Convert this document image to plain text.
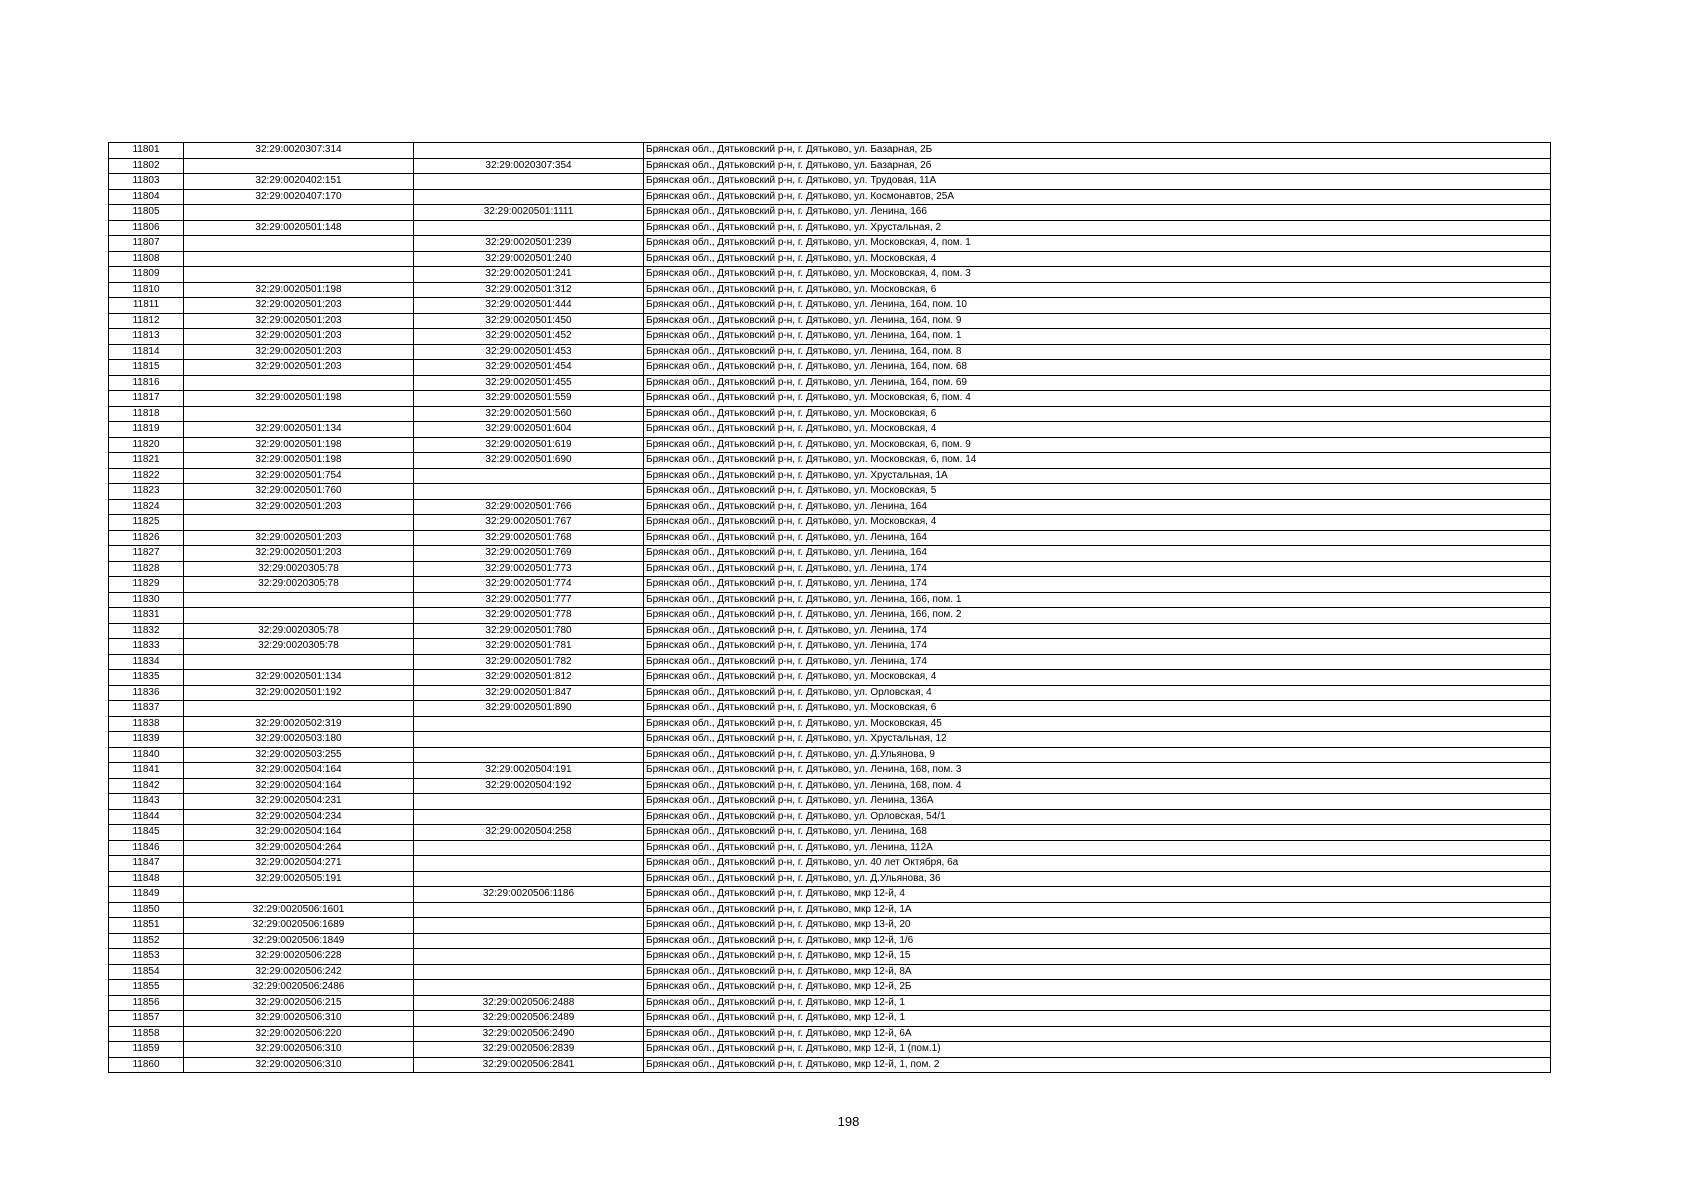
11801	32:29:0020307:314		Брянская обл., Дятьковский р-н, г. Дятьково, ул. Базарная, 2Б
11802		32:29:0020307:354	Брянская обл., Дятьковский р-н, г. Дятьково, ул. Базарная, 2б
11803	32:29:0020402:151		Брянская обл., Дятьковский р-н, г. Дятьково, ул. Трудовая, 11А
11804	32:29:0020407:170		Брянская обл., Дятьковский р-н, г. Дятьково, ул. Космонавтов, 25А
11805		32:29:0020501:1111	Брянская обл., Дятьковский р-н, г. Дятьково, ул. Ленина, 166
11806	32:29:0020501:148		Брянская обл., Дятьковский р-н, г. Дятьково, ул. Хрустальная, 2
11807		32:29:0020501:239	Брянская обл., Дятьковский р-н, г. Дятьково, ул. Московская, 4, пом. 1
11808		32:29:0020501:240	Брянская обл., Дятьковский р-н, г. Дятьково, ул. Московская, 4
11809		32:29:0020501:241	Брянская обл., Дятьковский р-н, г. Дятьково, ул. Московская, 4, пом. 3
11810	32:29:0020501:198	32:29:0020501:312	Брянская обл., Дятьковский р-н, г. Дятьково, ул. Московская, 6
11811	32:29:0020501:203	32:29:0020501:444	Брянская обл., Дятьковский р-н, г. Дятьково, ул. Ленина, 164, пом. 10
11812	32:29:0020501:203	32:29:0020501:450	Брянская обл., Дятьковский р-н, г. Дятьково, ул. Ленина, 164, пом. 9
11813	32:29:0020501:203	32:29:0020501:452	Брянская обл., Дятьковский р-н, г. Дятьково, ул. Ленина, 164, пом. 1
11814	32:29:0020501:203	32:29:0020501:453	Брянская обл., Дятьковский р-н, г. Дятьково, ул. Ленина, 164, пом. 8
11815	32:29:0020501:203	32:29:0020501:454	Брянская обл., Дятьковский р-н, г. Дятьково, ул. Ленина, 164, пом. 68
11816		32:29:0020501:455	Брянская обл., Дятьковский р-н, г. Дятьково, ул. Ленина, 164, пом. 69
11817	32:29:0020501:198	32:29:0020501:559	Брянская обл., Дятьковский р-н, г. Дятьково, ул. Московская, 6, пом. 4
11818		32:29:0020501:560	Брянская обл., Дятьковский р-н, г. Дятьково, ул. Московская, 6
11819	32:29:0020501:134	32:29:0020501:604	Брянская обл., Дятьковский р-н, г. Дятьково, ул. Московская, 4
11820	32:29:0020501:198	32:29:0020501:619	Брянская обл., Дятьковский р-н, г. Дятьково, ул. Московская, 6, пом. 9
11821	32:29:0020501:198	32:29:0020501:690	Брянская обл., Дятьковский р-н, г. Дятьково, ул. Московская, 6, пом. 14
11822	32:29:0020501:754		Брянская обл., Дятьковский р-н, г. Дятьково, ул. Хрустальная, 1А
11823	32:29:0020501:760		Брянская обл., Дятьковский р-н, г. Дятьково, ул. Московская, 5
11824	32:29:0020501:203	32:29:0020501:766	Брянская обл., Дятьковский р-н, г. Дятьково, ул. Ленина, 164
11825		32:29:0020501:767	Брянская обл., Дятьковский р-н, г. Дятьково, ул. Московская, 4
11826	32:29:0020501:203	32:29:0020501:768	Брянская обл., Дятьковский р-н, г. Дятьково, ул. Ленина, 164
11827	32:29:0020501:203	32:29:0020501:769	Брянская обл., Дятьковский р-н, г. Дятьково, ул. Ленина, 164
11828	32:29:0020305:78	32:29:0020501:773	Брянская обл., Дятьковский р-н, г. Дятьково, ул. Ленина, 174
11829	32:29:0020305:78	32:29:0020501:774	Брянская обл., Дятьковский р-н, г. Дятьково, ул. Ленина, 174
11830		32:29:0020501:777	Брянская обл., Дятьковский р-н, г. Дятьково, ул. Ленина, 166, пом. 1
11831		32:29:0020501:778	Брянская обл., Дятьковский р-н, г. Дятьково, ул. Ленина, 166, пом. 2
11832	32:29:0020305:78	32:29:0020501:780	Брянская обл., Дятьковский р-н, г. Дятьково, ул. Ленина, 174
11833	32:29:0020305:78	32:29:0020501:781	Брянская обл., Дятьковский р-н, г. Дятьково, ул. Ленина, 174
11834		32:29:0020501:782	Брянская обл., Дятьковский р-н, г. Дятьково, ул. Ленина, 174
11835	32:29:0020501:134	32:29:0020501:812	Брянская обл., Дятьковский р-н, г. Дятьково, ул. Московская, 4
11836	32:29:0020501:192	32:29:0020501:847	Брянская обл., Дятьковский р-н, г. Дятьково, ул. Орловская, 4
11837		32:29:0020501:890	Брянская обл., Дятьковский р-н, г. Дятьково, ул. Московская, 6
11838	32:29:0020502:319		Брянская обл., Дятьковский р-н, г. Дятьково, ул. Московская, 45
11839	32:29:0020503:180		Брянская обл., Дятьковский р-н, г. Дятьково, ул. Хрустальная, 12
11840	32:29:0020503:255		Брянская обл., Дятьковский р-н, г. Дятьково, ул. Д.Ульянова, 9
11841	32:29:0020504:164	32:29:0020504:191	Брянская обл., Дятьковский р-н, г. Дятьково, ул. Ленина, 168, пом. 3
11842	32:29:0020504:164	32:29:0020504:192	Брянская обл., Дятьковский р-н, г. Дятьково, ул. Ленина, 168, пом. 4
11843	32:29:0020504:231		Брянская обл., Дятьковский р-н, г. Дятьково, ул. Ленина, 136А
11844	32:29:0020504:234		Брянская обл., Дятьковский р-н, г. Дятьково, ул. Орловская, 54/1
11845	32:29:0020504:164	32:29:0020504:258	Брянская обл., Дятьковский р-н, г. Дятьково, ул. Ленина, 168
11846	32:29:0020504:264		Брянская обл., Дятьковский р-н, г. Дятьково, ул. Ленина, 112А
11847	32:29:0020504:271		Брянская обл., Дятьковский р-н, г. Дятьково, ул. 40 лет Октября, 6а
11848	32:29:0020505:191		Брянская обл., Дятьковский р-н, г. Дятьково, ул. Д.Ульянова, 36
11849		32:29:0020506:1186	Брянская обл., Дятьковский р-н, г. Дятьково, мкр 12-й, 4
11850	32:29:0020506:1601		Брянская обл., Дятьковский р-н, г. Дятьково, мкр 12-й, 1А
11851	32:29:0020506:1689		Брянская обл., Дятьковский р-н, г. Дятьково, мкр 13-й, 20
11852	32:29:0020506:1849		Брянская обл., Дятьковский р-н, г. Дятьково, мкр 12-й, 1/6
11853	32:29:0020506:228		Брянская обл., Дятьковский р-н, г. Дятьково, мкр 12-й, 15
11854	32:29:0020506:242		Брянская обл., Дятьковский р-н, г. Дятьково, мкр 12-й, 8А
11855	32:29:0020506:2486		Брянская обл., Дятьковский р-н, г. Дятьково, мкр 12-й, 2Б
11856	32:29:0020506:215	32:29:0020506:2488	Брянская обл., Дятьковский р-н, г. Дятьково, мкр 12-й, 1
11857	32:29:0020506:310	32:29:0020506:2489	Брянская обл., Дятьковский р-н, г. Дятьково, мкр 12-й, 1
11858	32:29:0020506:220	32:29:0020506:2490	Брянская обл., Дятьковский р-н, г. Дятьково, мкр 12-й, 6А
11859	32:29:0020506:310	32:29:0020506:2839	Брянская обл., Дятьковский р-н, г. Дятьково, мкр 12-й, 1 (пом.1)
11860	32:29:0020506:310	32:29:0020506:2841	Брянская обл., Дятьковский р-н, г. Дятьково, мкр 12-й, 1, пом. 2
198
